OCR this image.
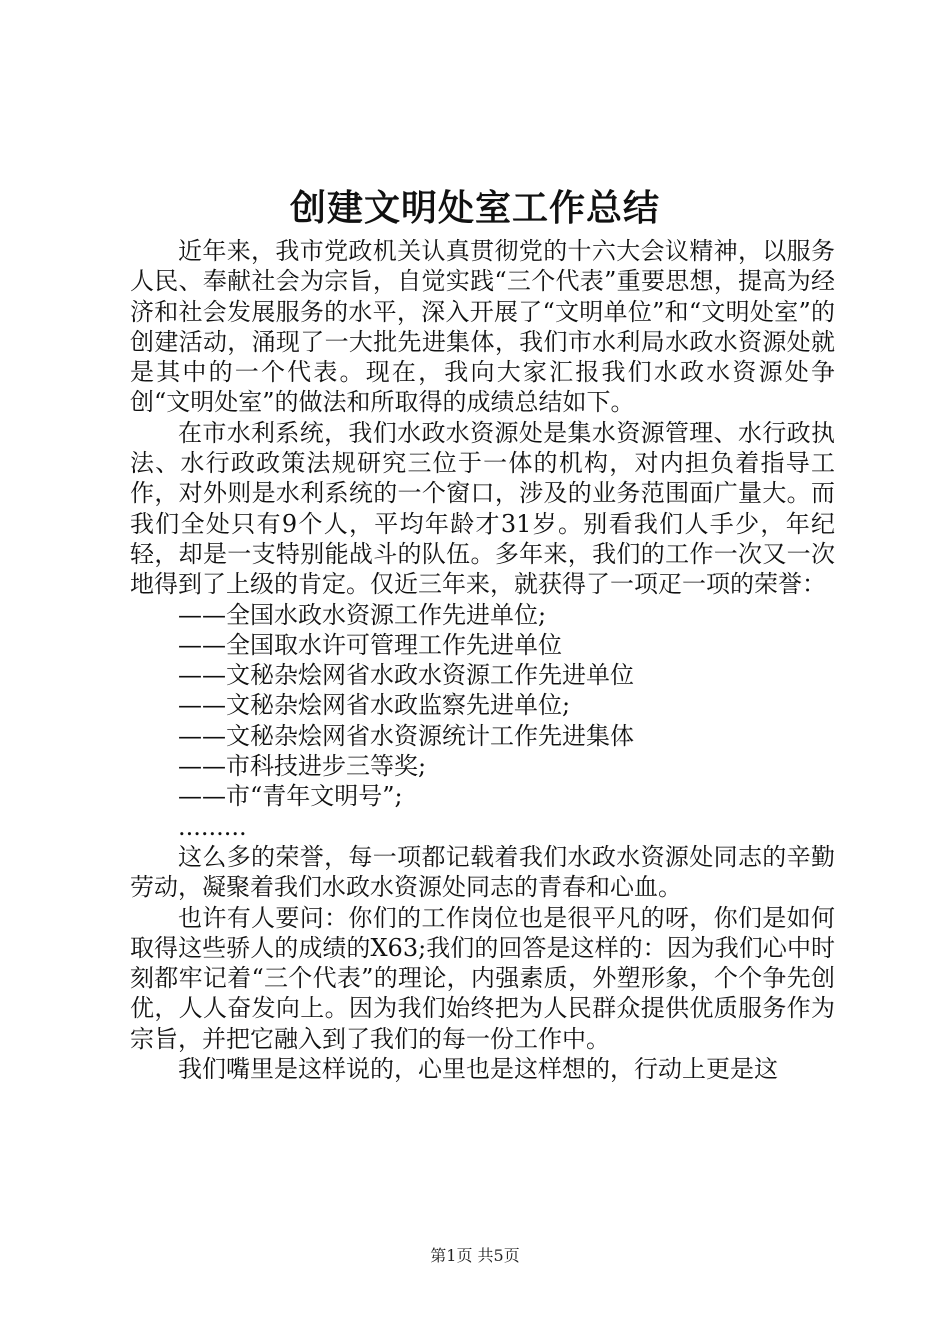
创建文明处室工作总结

近年来，我市党政机关认真贯彻党的十六大会议精神，以服务人民、奉献社会为宗旨，自觉实践“三个代表”重要思想，提高为经济和社会发展服务的水平，深入开展了“文明单位”和“文明处室”的创建活动，涌现了一大批先进集体，我们市水利局水政水资源处就是其中的一个代表。现在，我向大家汇报我们水政水资源处争创“文明处室”的做法和所取得的成绩总结如下。

在市水利系统，我们水政水资源处是集水资源管理、水行政执法、水行政政策法规研究三位于一体的机构，对内担负着指导工作，对外则是水利系统的一个窗口，涉及的业务范围面广量大。而我们全处只有9个人，平均年龄才31岁。别看我们人手少，年纪轻，却是一支特别能战斗的队伍。多年来，我们的工作一次又一次地得到了上级的肯定。仅近三年来，就获得了一项疋一项的荣誉：

——全国水政水资源工作先进单位;

——全国取水许可管理工作先进单位

——文秘杂烩网省水政水资源工作先进单位

——文秘杂烩网省水政监察先进单位;

——文秘杂烩网省水资源统计工作先进集体

——市科技进步三等奖;

——市“青年文明号”;

.........

这么多的荣誉，每一项都记载着我们水政水资源处同志的辛勤劳动，凝聚着我们水政水资源处同志的青春和心血。

也许有人要问：你们的工作岗位也是很平凡的呀，你们是如何取得这些骄人的成绩的X63;我们的回答是这样的：因为我们心中时刻都牢记着“三个代表”的理论，内强素质，外塑形象，个个争先创优，人人奋发向上。因为我们始终把为人民群众提供优质服务作为宗旨，并把它融入到了我们的每一份工作中。

我们嘴里是这样说的，心里也是这样想的，行动上更是这

第1页 共5页
